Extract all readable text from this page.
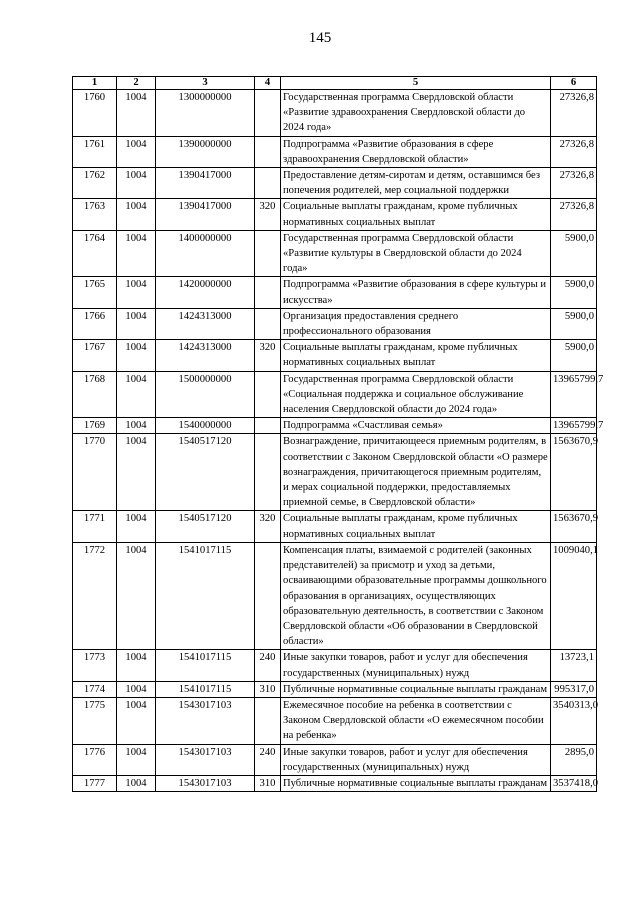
145
1	2	3	4	5	6
1760	1004	1300000000		Государственная программа Свердловской области «Развитие здравоохранения Свердловской области до 2024 года»	27326,8
1761	1004	1390000000		Подпрограмма «Развитие образования в сфере здравоохранения Свердловской области»	27326,8
1762	1004	1390417000		Предоставление детям-сиротам и детям, оставшимся без попечения родителей, мер социальной поддержки	27326,8
1763	1004	1390417000	320	Социальные выплаты гражданам, кроме публичных нормативных социальных выплат	27326,8
1764	1004	1400000000		Государственная программа Свердловской области «Развитие культуры в Свердловской области до 2024 года»	5900,0
1765	1004	1420000000		Подпрограмма «Развитие образования в сфере культуры и искусства»	5900,0
1766	1004	1424313000		Организация предоставления среднего профессионального образования	5900,0
1767	1004	1424313000	320	Социальные выплаты гражданам, кроме публичных нормативных социальных выплат	5900,0
1768	1004	1500000000		Государственная программа Свердловской области «Социальная поддержка и социальное обслуживание населения Свердловской области до 2024 года»	13965799,7
1769	1004	1540000000		Подпрограмма «Счастливая семья»	13965799,7
1770	1004	1540517120		Вознаграждение, причитающееся приемным родителям, в соответствии с Законом Свердловской области «О размере вознаграждения, причитающегося приемным родителям, и мерах социальной поддержки, предоставляемых приемной семье, в Свердловской области»	1563670,9
1771	1004	1540517120	320	Социальные выплаты гражданам, кроме публичных нормативных социальных выплат	1563670,9
1772	1004	1541017115		Компенсация платы, взимаемой с родителей (законных представителей) за присмотр и уход за детьми, осваивающими образовательные программы дошкольного образования в организациях, осуществляющих образовательную деятельность, в соответствии с Законом Свердловской области «Об образовании в Свердловской области»	1009040,1
1773	1004	1541017115	240	Иные закупки товаров, работ и услуг для обеспечения государственных (муниципальных) нужд	13723,1
1774	1004	1541017115	310	Публичные нормативные социальные выплаты гражданам	995317,0
1775	1004	1543017103		Ежемесячное пособие на ребенка в соответствии с Законом Свердловской области «О ежемесячном пособии на ребенка»	3540313,0
1776	1004	1543017103	240	Иные закупки товаров, работ и услуг для обеспечения государственных (муниципальных) нужд	2895,0
1777	1004	1543017103	310	Публичные нормативные социальные выплаты гражданам	3537418,0
